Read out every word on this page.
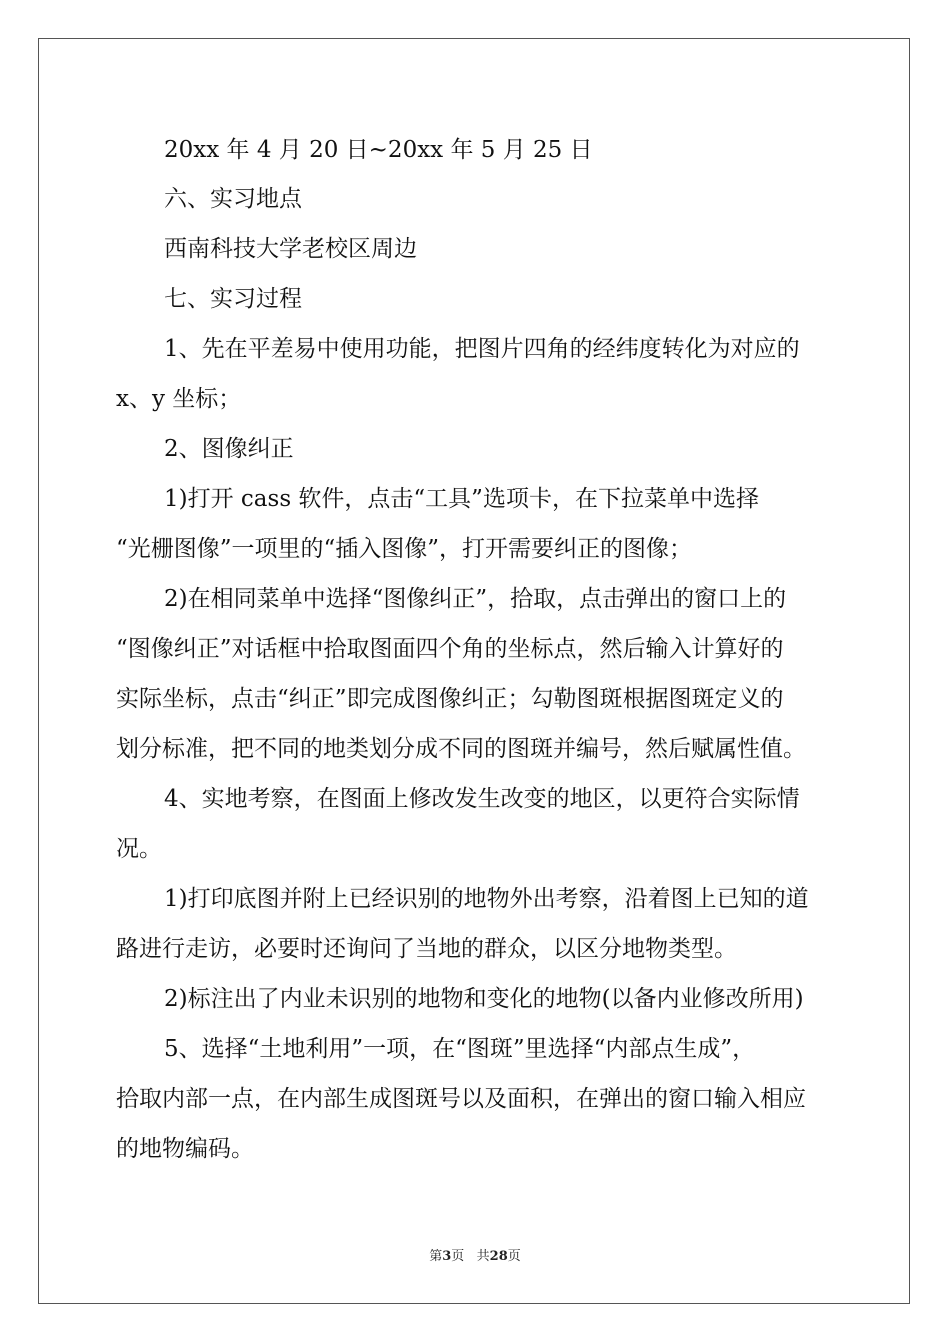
20xx 年 4 月 20 日~20xx 年 5 月 25 日
六、实习地点
西南科技大学老校区周边
七、实习过程
1、先在平差易中使用功能，把图片四角的经纬度转化为对应的
x、y 坐标；
2、图像纠正
1)打开 cass 软件，点击“工具”选项卡，在下拉菜单中选择
“光栅图像”一项里的“插入图像”，打开需要纠正的图像；
2)在相同菜单中选择“图像纠正”，拾取，点击弹出的窗口上的
“图像纠正”对话框中拾取图面四个角的坐标点，然后输入计算好的
实际坐标，点击“纠正”即完成图像纠正；勾勒图斑根据图斑定义的
划分标准，把不同的地类划分成不同的图斑并编号，然后赋属性值。
4、实地考察，在图面上修改发生改变的地区，以更符合实际情
况。
1)打印底图并附上已经识别的地物外出考察，沿着图上已知的道
路进行走访，必要时还询问了当地的群众，以区分地物类型。
2)标注出了内业未识别的地物和变化的地物(以备内业修改所用)
5、选择“土地利用”一项，在“图斑”里选择“内部点生成”，
拾取内部一点，在内部生成图斑号以及面积，在弹出的窗口输入相应
的地物编码。
第3页   共28页
